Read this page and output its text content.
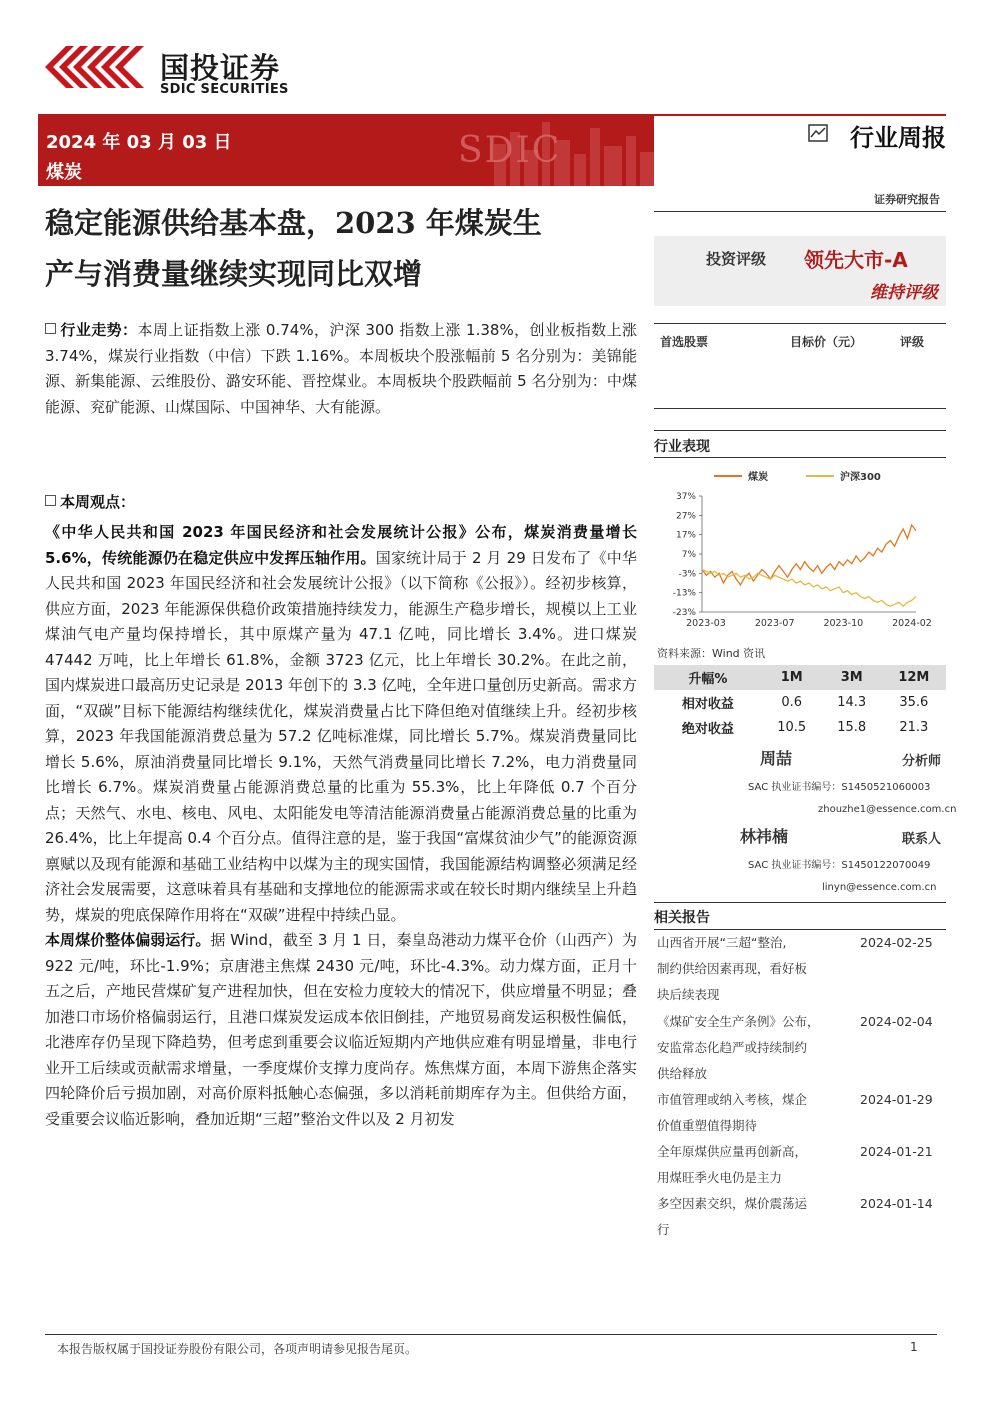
国投证券
SDIC SECURITIES
SDIC
2024 年 03 月 03 日
煤炭
行业周报
证券研究报告
稳定能源供给基本盘，2023 年煤炭生
产与消费量继续实现同比双增	投资评级 领先大市-A
维持评级
行业走势：本周上证指数上涨 0.74%，沪深 300 指数上涨 1.38%，创业板指数上涨 3.74%，煤炭行业指数（中信）下跌 1.16%。本周板块个股涨幅前 5 名分别为：美锦能源、新集能源、云维股份、潞安环能、晋控煤业。本周板块个股跌幅前 5 名分别为：中煤能源、兖矿能源、山煤国际、中国神华、大有能源。
本周观点：
《中华人民共和国 2023 年国民经济和社会发展统计公报》公布，煤炭消费量增长 5.6%，传统能源仍在稳定供应中发挥压轴作用。国家统计局于 2 月 29 日发布了《中华人民共和国 2023 年国民经济和社会发展统计公报》（以下简称《公报》）。经初步核算，供应方面，2023 年能源保供稳价政策措施持续发力，能源生产稳步增长，规模以上工业煤油气电产量均保持增长，其中原煤产量为 47.1 亿吨，同比增长 3.4%。进口煤炭 47442 万吨，比上年增长 61.8%，金额 3723 亿元，比上年增长 30.2%。在此之前，国内煤炭进口最高历史记录是 2013 年创下的 3.3 亿吨，全年进口量创历史新高。需求方面，“双碳”目标下能源结构继续优化，煤炭消费量占比下降但绝对值继续上升。经初步核算，2023 年我国能源消费总量为 57.2 亿吨标准煤，同比增长 5.7%。煤炭消费量同比增长 5.6%，原油消费量同比增长 9.1%，天然气消费量同比增长 7.2%，电力消费量同比增长 6.7%。煤炭消费量占能源消费总量的比重为 55.3%，比上年降低 0.7 个百分点；天然气、水电、核电、风电、太阳能发电等清洁能源消费量占能源消费总量的比重为 26.4%，比上年提高 0.4 个百分点。值得注意的是，鉴于我国“富煤贫油少气”的能源资源禀赋以及现有能源和基础工业结构中以煤为主的现实国情，我国能源结构调整必须满足经济社会发展需要，这意味着具有基础和支撑地位的能源需求或在较长时期内继续呈上升趋势，煤炭的兜底保障作用将在“双碳”进程中持续凸显。
本周煤价整体偏弱运行。据 Wind，截至 3 月 1 日，秦皇岛港动力煤平仓价（山西产）为 922 元/吨，环比-1.9%；京唐港主焦煤 2430 元/吨，环比-4.3%。动力煤方面，正月十五之后，产地民营煤矿复产进程加快，但在安检力度较大的情况下，供应增量不明显；叠加港口市场价格偏弱运行，且港口煤炭发运成本依旧倒挂，产地贸易商发运积极性偏低，北港库存仍呈现下降趋势，但考虑到重要会议临近短期内产地供应难有明显增量，非电行业开工后续或贡献需求增量，一季度煤价支撑力度尚存。炼焦煤方面，本周下游焦企落实四轮降价后亏损加剧，对高价原料抵触心态偏强，多以消耗前期库存为主。但供给方面，受重要会议临近影响，叠加近期“三超”整治文件以及 2 月初发
首选股票	目标价（元）	评级
行业表现
煤炭	沪深300
37%
27%
17%
7%
-3%
-13%
-23%
2023-03	2023-07	2023-10	2024-02
资料来源：Wind 资讯
升幅%	1M	3M	12M
相对收益	0.6	14.3	35.6
绝对收益	10.5	15.8	21.3
周喆	分析师
SAC 执业证书编号：S1450521060003
zhouzhe1@essence.com.cn
林祎楠	联系人
SAC 执业证书编号：S1450122070049
linyn@essence.com.cn
相关报告
山西省开展“三超“整治,
制约供给因素再现，看好板
块后续表现
2024-02-25
《煤矿安全生产条例》公布，
安监常态化趋严或持续制约
供给释放
2024-02-04
市值管理或纳入考核，煤企
价值重塑值得期待
2024-01-29
全年原煤供应量再创新高，
用煤旺季火电仍是主力
2024-01-21
多空因素交织，煤价震荡运
行
2024-01-14
本报告版权属于国投证券股份有限公司，各项声明请参见报告尾页。	1
